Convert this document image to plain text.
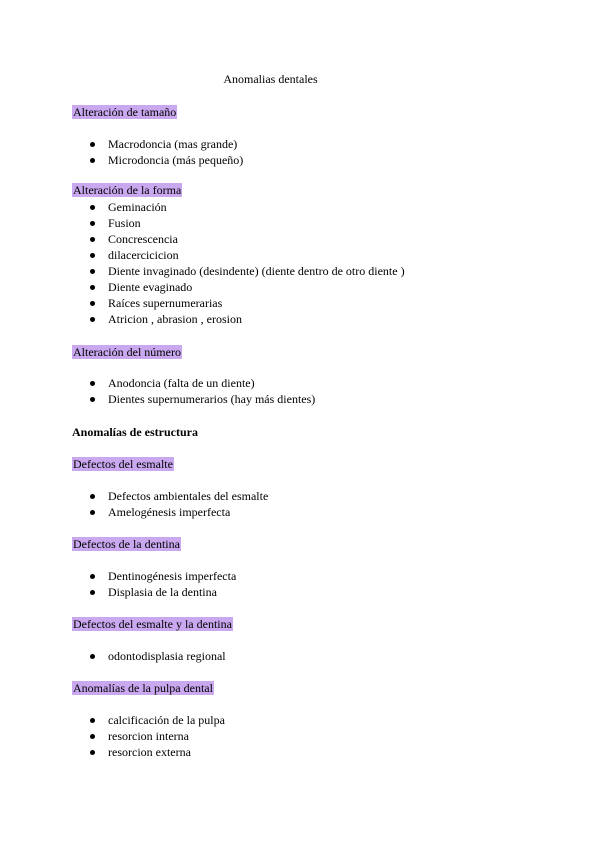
Anomalias dentales
Alteración de tamaño
Macrodoncia (mas grande)
Microdoncia (más pequeño)
Alteración de la forma
Geminación
Fusion
Concrescencia
dilacercicicion
Diente invaginado (desindente) (diente dentro de otro diente )
Diente evaginado
Raíces supernumerarias
Atricion , abrasion , erosion
Alteración del número
Anodoncia (falta de un diente)
Dientes supernumerarios (hay más dientes)
Anomalías de estructura
Defectos del esmalte
Defectos ambientales del esmalte
Amelogénesis imperfecta
Defectos de la dentina
Dentinogénesis imperfecta
Displasia de la dentina
Defectos del esmalte y la dentina
odontodisplasia regional
Anomalías de la pulpa dental
calcificación de la pulpa
resorcion interna
resorcion externa
